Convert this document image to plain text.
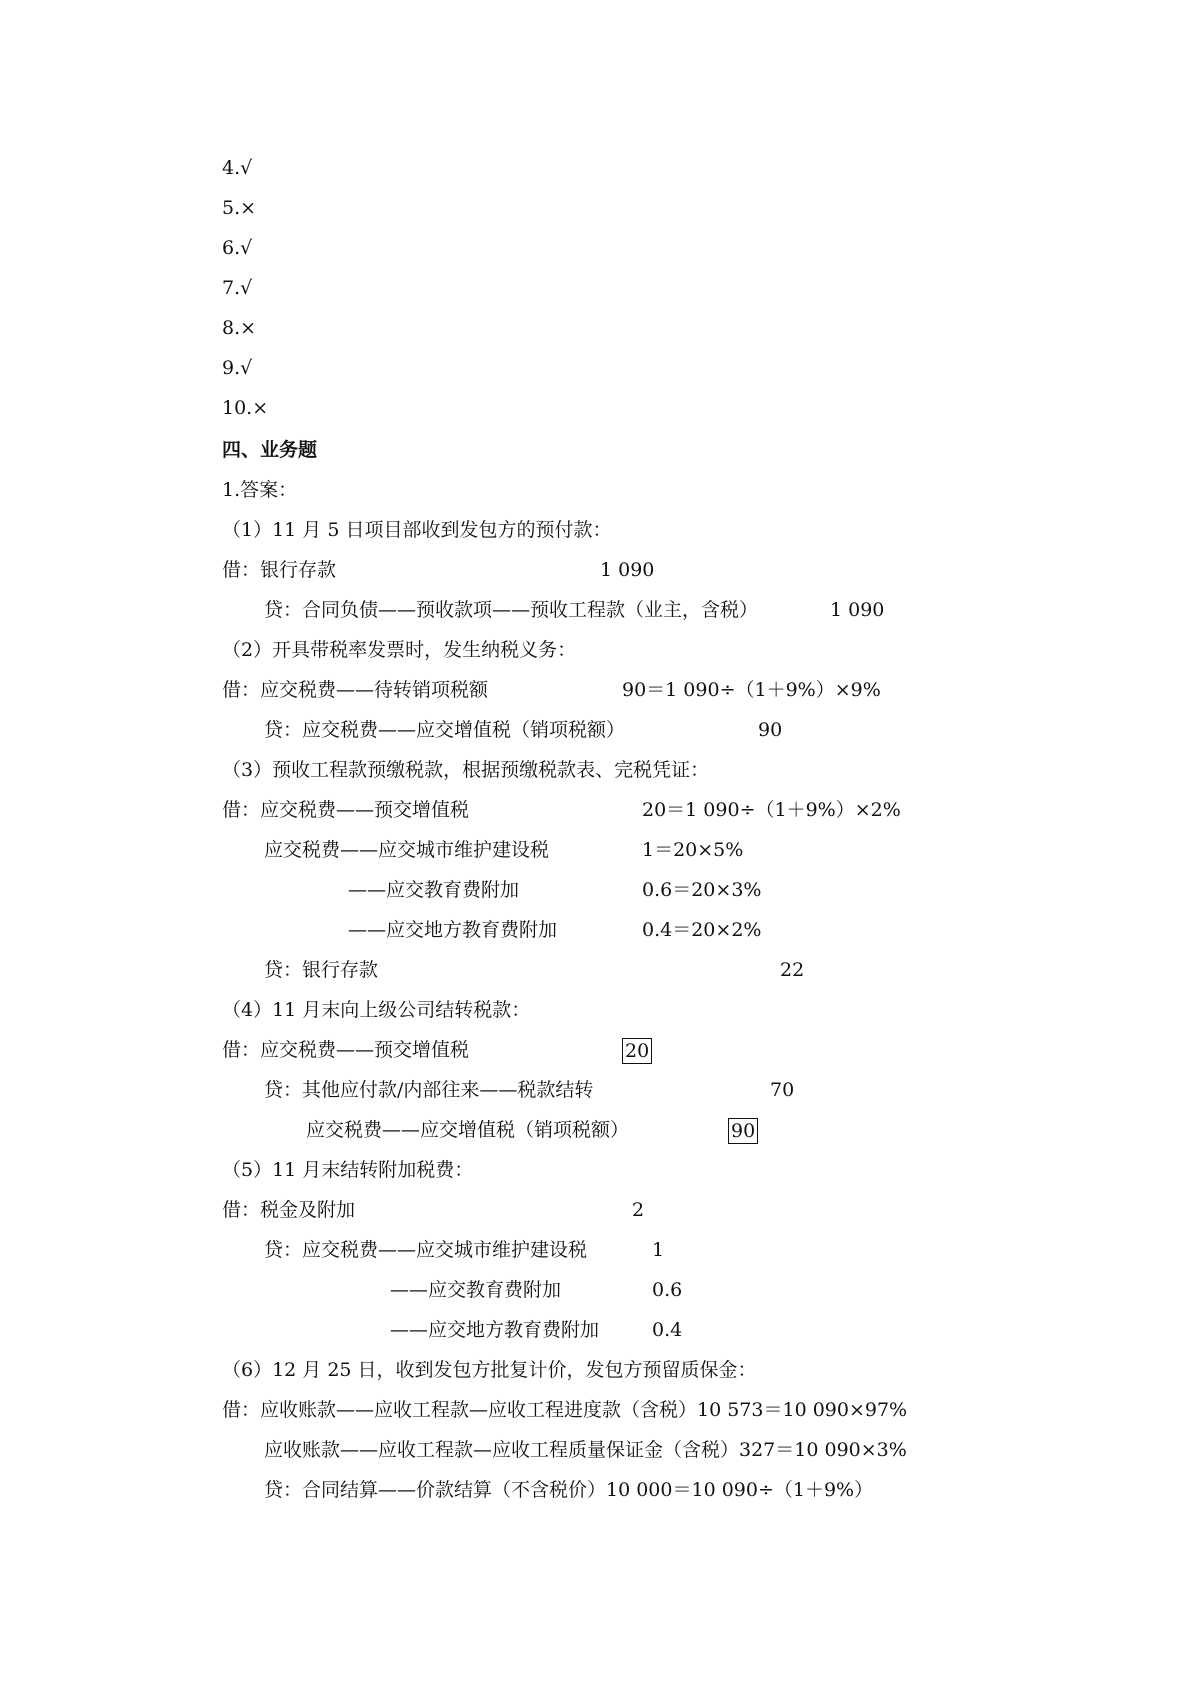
4.√
5.×
6.√
7.√
8.×
9.√
10.×
四、业务题
1.答案：
（1）11 月 5 日项目部收到发包方的预付款：
借：银行存款	1 090
贷：合同负债——预收款项——预收工程款（业主，含税）	1 090
（2）开具带税率发票时，发生纳税义务：
借：应交税费——待转销项税额	90＝1 090÷（1＋9%）×9%
贷：应交税费——应交增值税（销项税额）	90
（3）预收工程款预缴税款，根据预缴税款表、完税凭证：
借：应交税费——预交增值税	20＝1 090÷（1＋9%）×2%
应交税费——应交城市维护建设税	1＝20×5%
——应交教育费附加	0.6＝20×3%
——应交地方教育费附加	0.4＝20×2%
贷：银行存款	22
（4）11 月末向上级公司结转税款：
借：应交税费——预交增值税	20
贷：其他应付款/内部往来——税款结转	70
应交税费——应交增值税（销项税额）	90
（5）11 月末结转附加税费：
借：税金及附加	2
贷：应交税费——应交城市维护建设税	1
——应交教育费附加	0.6
——应交地方教育费附加	0.4
（6）12 月 25 日，收到发包方批复计价，发包方预留质保金：
借：应收账款——应收工程款—应收工程进度款（含税）10 573＝10 090×97%
应收账款——应收工程款—应收工程质量保证金（含税）327＝10 090×3%
贷：合同结算——价款结算（不含税价）10 000＝10 090÷（1＋9%）
